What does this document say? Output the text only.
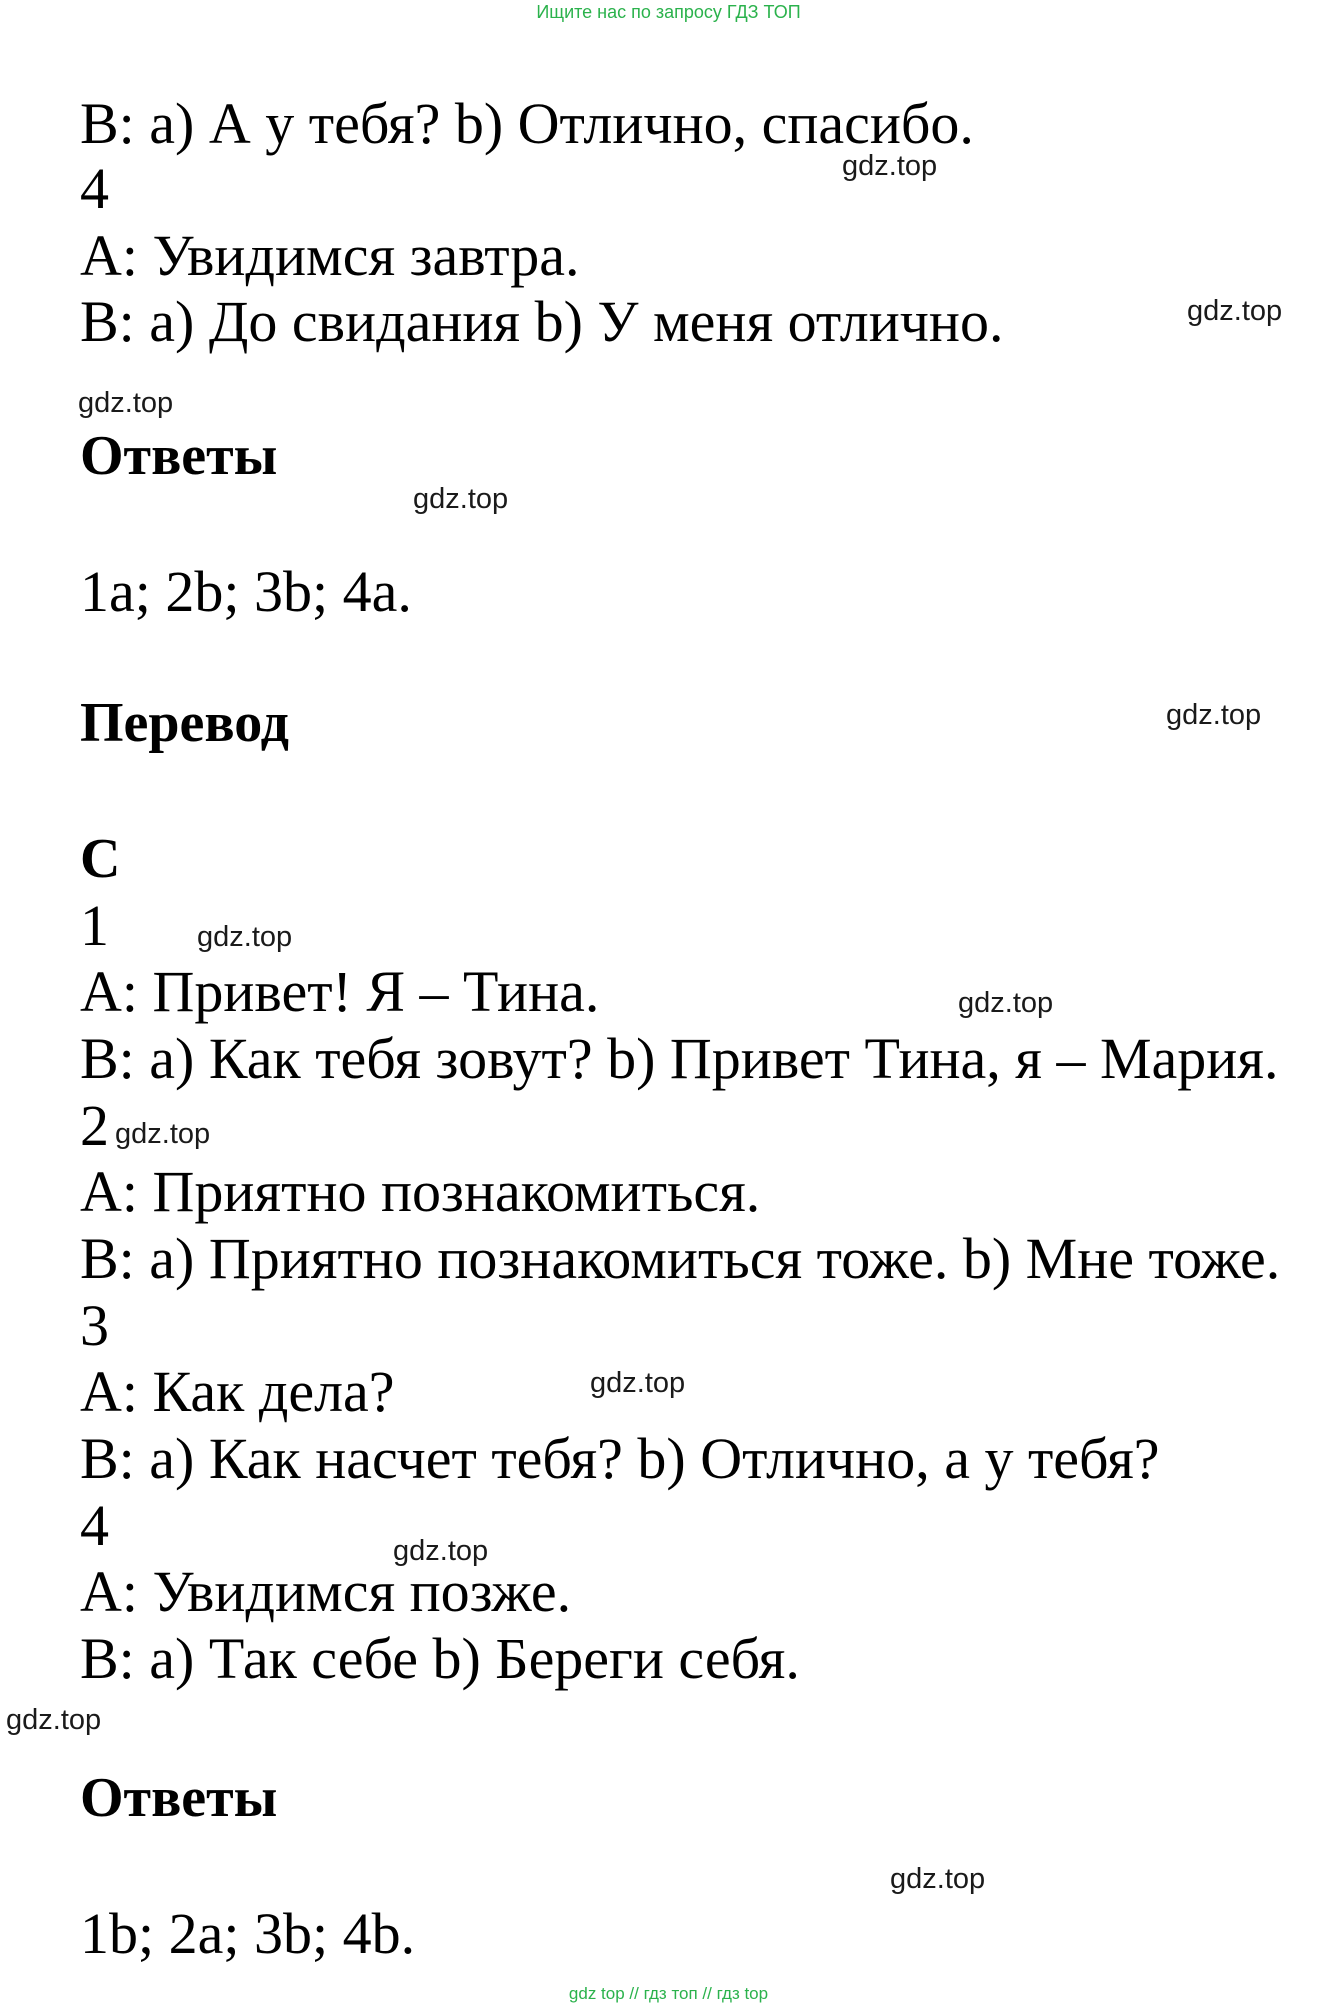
Ищите нас по запросу ГДЗ ТОП
B: a) А у тебя? b) Отлично, спасибо.
4
A: Увидимся завтра.
B: a) До свидания b) У меня отлично.
Ответы
1a; 2b; 3b; 4a.
Перевод
C
1
A: Привет! Я – Тина.
B: a) Как тебя зовут? b) Привет Тина, я – Мария.
2
A: Приятно познакомиться.
B: a) Приятно познакомиться тоже. b) Мне тоже.
3
A: Как дела?
B: a) Как насчет тебя? b) Отлично, а у тебя?
4
A: Увидимся позже.
B: a) Так себе b) Береги себя.
Ответы
1b; 2a; 3b; 4b.
gdz.top
gdz.top
gdz.top
gdz.top
gdz.top
gdz.top
gdz.top
gdz.top
gdz.top
gdz.top
gdz.top
gdz.top
gdz top // гдз топ // гдз top
